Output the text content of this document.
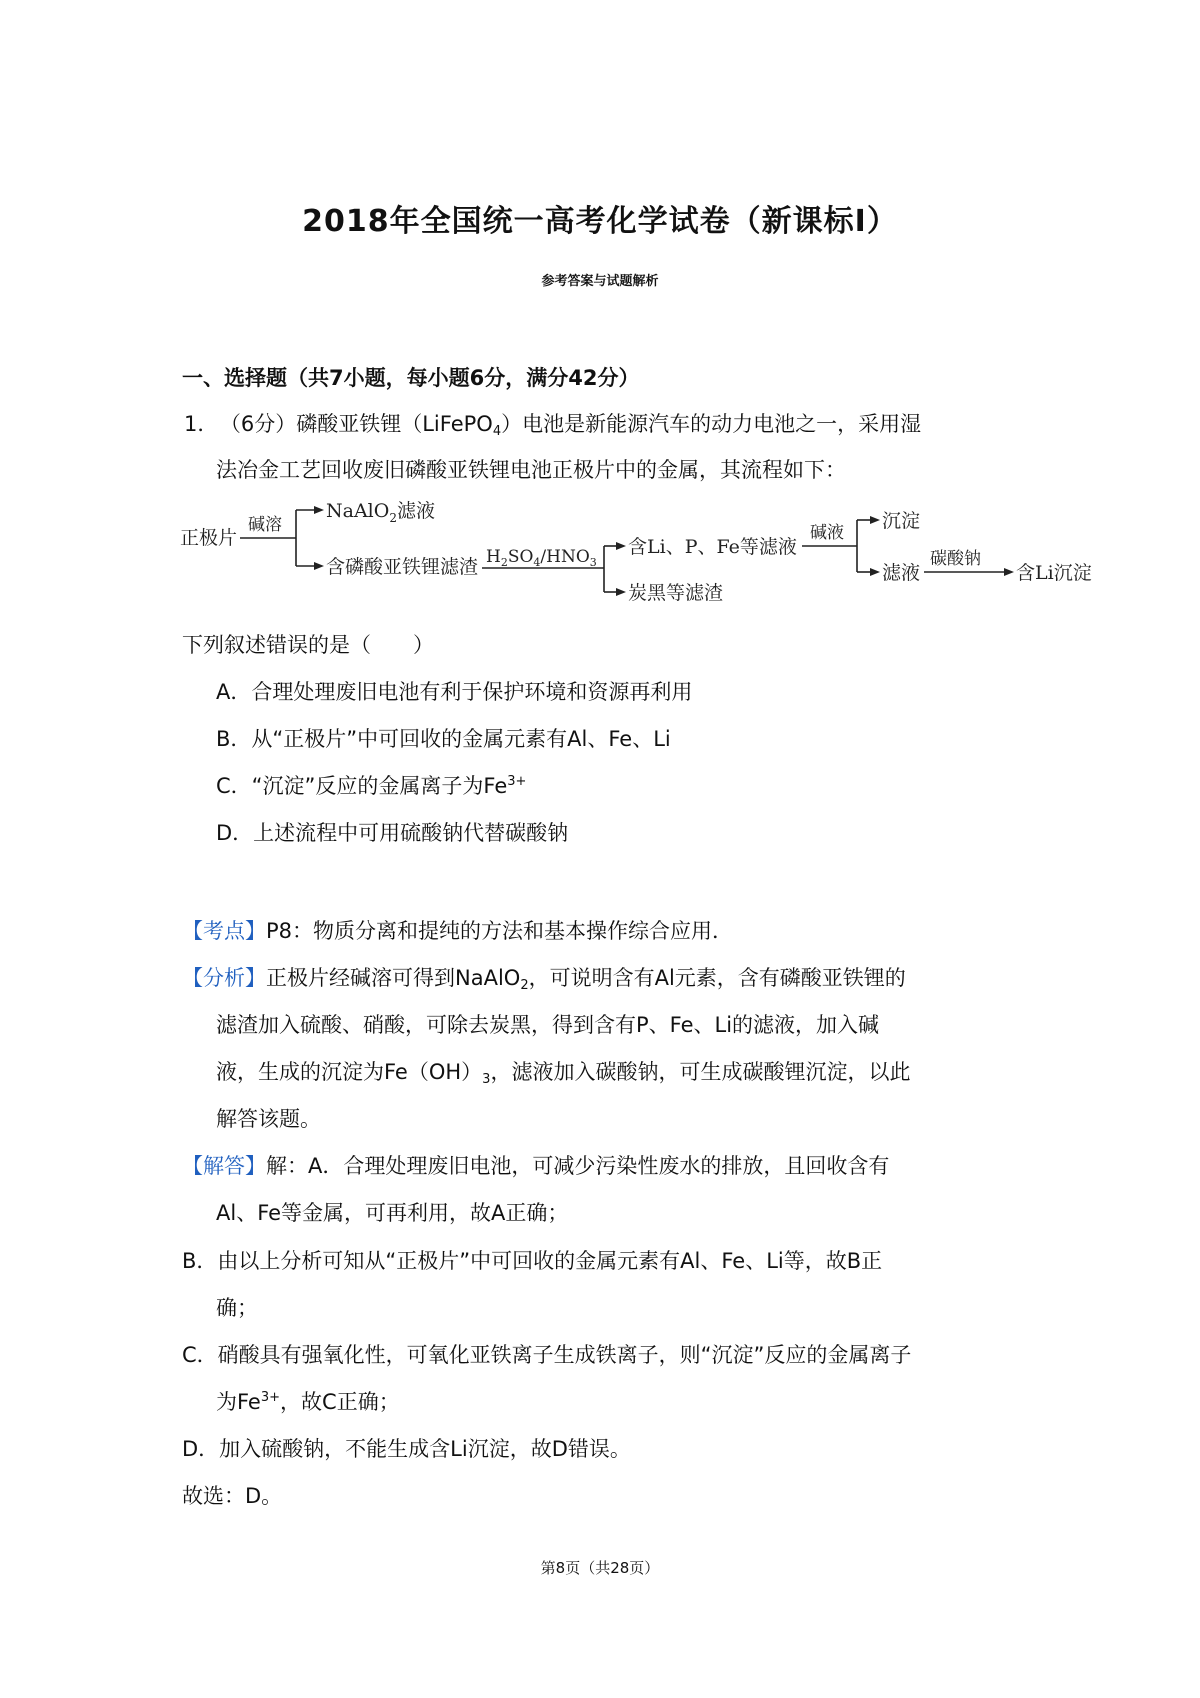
2018年全国统一高考化学试卷（新课标Ⅰ）
参考答案与试题解析
一、选择题（共7小题，每小题6分，满分42分）
1． （6分）磷酸亚铁锂（LiFePO$_4$）电池是新能源汽车的动力电池之一，采用湿
法冶金工艺回收废旧磷酸亚铁锂电池正极片中的金属，其流程如下：
正极片
碱溶
NaAlO$_2$滤液
含磷酸亚铁锂滤渣 $H_2SO_4/HNO_3$
含Li、P、Fe等滤液
炭黑等滤渣
碱液
沉淀
滤液
碳酸钠
含Li沉淀
下列叙述错误的是（　　）
A．合理处理废旧电池有利于保护环境和资源再利用
B．从“正极片”中可回收的金属元素有Al、Fe、Li
C．“沉淀”反应的金属离子为$Fe^{3+}$
D．上述流程中可用硫酸钠代替碳酸钠
【考点】P8：物质分离和提纯的方法和基本操作综合应用．
【分析】正极片经碱溶可得到NaAlO$_2$，可说明含有Al元素，含有磷酸亚铁锂的
滤渣加入硫酸、硝酸，可除去炭黑，得到含有P、Fe、Li的滤液，加入碱
液，生成的沉淀为$Fe(OH)_3$，滤液加入碳酸钠，可生成碳酸锂沉淀，以此
解答该题。
【解答】解：A．合理处理废旧电池，可减少污染性废水的排放，且回收含有
Al、Fe等金属，可再利用，故A正确；
B．由以上分析可知从“正极片”中可回收的金属元素有Al、Fe、Li等，故B正
确；
C．硝酸具有强氧化性，可氧化亚铁离子生成铁离子，则“沉淀”反应的金属离子
为$Fe^{3+}$，故C正确；
D．加入硫酸钠，不能生成含Li沉淀，故D错误。
故选：D。
第8页（共28页）
